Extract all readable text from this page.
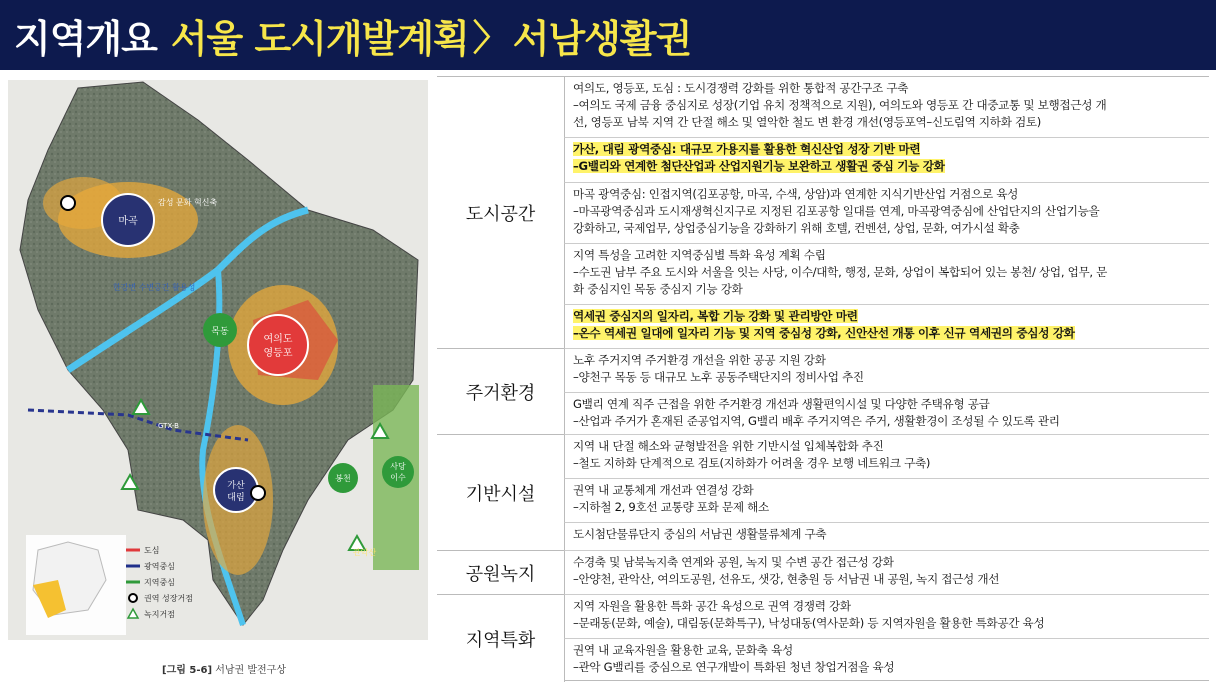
지역개요 서울 도시개발계획 〉 서남생활권
마곡
감성 문화 혁신축
여의도
영등포
목동
가산
대림
봉천
사당
이수
GTX-B
한강변 수변공간 활용성
관악산
도심
광역중심
지역중심
권역 성장거점
녹지거점
[그림 5-6] 서남권 발전구상
도시공간
주거환경
기반시설
공원녹지
지역특화
여의도, 영등포, 도심 : 도시경쟁력 강화를 위한 통합적 공간구조 구축
–여의도 국제 금융 중심지로 성장(기업 유치 정책적으로 지원), 여의도와 영등포 간 대중교통 및 보행접근성 개
선, 영등포 남북 지역 간 단절 해소 및 열악한 철도 변 환경 개선(영등포역–신도림역 지하화 검토)
가산, 대림 광역중심: 대규모 가용지를 활용한 혁신산업 성장 기반 마련
–G밸리와 연계한 첨단산업과 산업지원기능 보완하고 생활권 중심 기능 강화
마곡 광역중심: 인접지역(김포공항, 마곡, 수색, 상암)과 연계한 지식기반산업 거점으로 육성
–마곡광역중심과 도시재생혁신지구로 지정된 김포공항 일대를 연계, 마곡광역중심에 산업단지의 산업기능을
강화하고, 국제업무, 상업중심기능을 강화하기 위해 호텔, 컨벤션, 상업, 문화, 여가시설 확충
지역 특성을 고려한 지역중심별 특화 육성 계획 수립
–수도권 남부 주요 도시와 서울을 잇는 사당, 이수/대학, 행정, 문화, 상업이 복합되어 있는 봉천/ 상업, 업무, 문
화 중심지인 목동 중심지 기능 강화
역세권 중심지의 일자리, 복합 기능 강화 및 관리방안 마련
–온수 역세권 일대에 일자리 기능 및 지역 중심성 강화, 신안산선 개통 이후 신규 역세권의 중심성 강화
노후 주거지역 주거환경 개선을 위한 공공 지원 강화
–양천구 목동 등 대규모 노후 공동주택단지의 정비사업 추진
G밸리 연계 직주 근접을 위한 주거환경 개선과 생활편익시설 및 다양한 주택유형 공급
–산업과 주거가 혼재된 준공업지역, G밸리 배후 주거지역은 주거, 생활환경이 조성될 수 있도록 관리
지역 내 단절 해소와 균형발전을 위한 기반시설 입체복합화 추진
–철도 지하화 단계적으로 검토(지하화가 어려울 경우 보행 네트워크 구축)
권역 내 교통체계 개선과 연결성 강화
–지하철 2, 9호선 교통량 포화 문제 해소
도시첨단물류단지 중심의 서남권 생활물류체계 구축
수경축 및 남북녹지축 연계와 공원, 녹지 및 수변 공간 접근성 강화
–안양천, 관악산, 여의도공원, 선유도, 샛강, 현충원 등 서남권 내 공원, 녹지 접근성 개선
지역 자원을 활용한 특화 공간 육성으로 권역 경쟁력 강화
–문래동(문화, 예술), 대림동(문화특구), 낙성대동(역사문화) 등 지역자원을 활용한 특화공간 육성
권역 내 교육자원을 활용한 교육, 문화축 육성
–관악 G밸리를 중심으로 연구개발이 특화된 청년 창업거점을 육성
